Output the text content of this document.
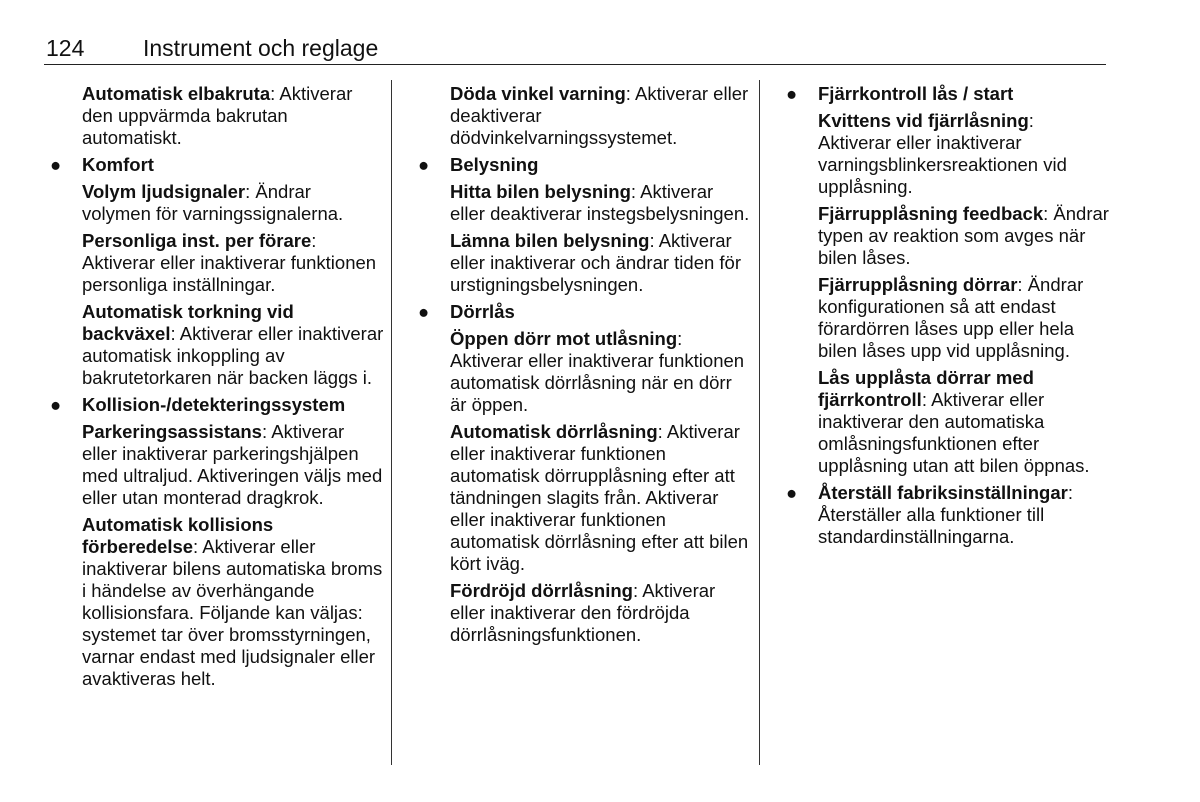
124	Instrument och reglage

Automatisk elbakruta: Aktiverar den uppvärmda bakrutan automatiskt.

● Komfort

Volym ljudsignaler: Ändrar volymen för varningssignalerna.

Personliga inst. per förare: Aktiverar eller inaktiverar funktionen personliga inställningar.

Automatisk torkning vid backväxel: Aktiverar eller inaktiverar automatisk inkoppling av bakrutetorkaren när backen läggs i.

● Kollision-/detekteringssystem

Parkeringsassistans: Aktiverar eller inaktiverar parkeringshjälpen med ultraljud. Aktiveringen väljs med eller utan monterad dragkrok.

Automatisk kollisions förberedelse: Aktiverar eller inaktiverar bilens automatiska broms i händelse av överhängande kollisionsfara. Följande kan väljas: systemet tar över bromsstyrningen, varnar endast med ljudsignaler eller avaktiveras helt.

Döda vinkel varning: Aktiverar eller deaktiverar dödvinkelvarningssystemet.

● Belysning

Hitta bilen belysning: Aktiverar eller deaktiverar instegsbelysningen.

Lämna bilen belysning: Aktiverar eller inaktiverar och ändrar tiden för urstigningsbelysningen.

● Dörrlås

Öppen dörr mot utlåsning: Aktiverar eller inaktiverar funktionen automatisk dörrlåsning när en dörr är öppen.

Automatisk dörrlåsning: Aktiverar eller inaktiverar funktionen automatisk dörrupplåsning efter att tändningen slagits från. Aktiverar eller inaktiverar funktionen automatisk dörrlåsning efter att bilen kört iväg.

Fördröjd dörrlåsning: Aktiverar eller inaktiverar den fördröjda dörrlåsningsfunktionen.

● Fjärrkontroll lås / start

Kvittens vid fjärrlåsning: Aktiverar eller inaktiverar varningsblinkersreaktionen vid upplåsning.

Fjärrupplåsning feedback: Ändrar typen av reaktion som avges när bilen låses.

Fjärrupplåsning dörrar: Ändrar konfigurationen så att endast förardörren låses upp eller hela bilen låses upp vid upplåsning.

Lås upplåsta dörrar med fjärrkontroll: Aktiverar eller inaktiverar den automatiska omlåsningsfunktionen efter upplåsning utan att bilen öppnas.

● Återställ fabriksinställningar: Återställer alla funktioner till standardinställningarna.
